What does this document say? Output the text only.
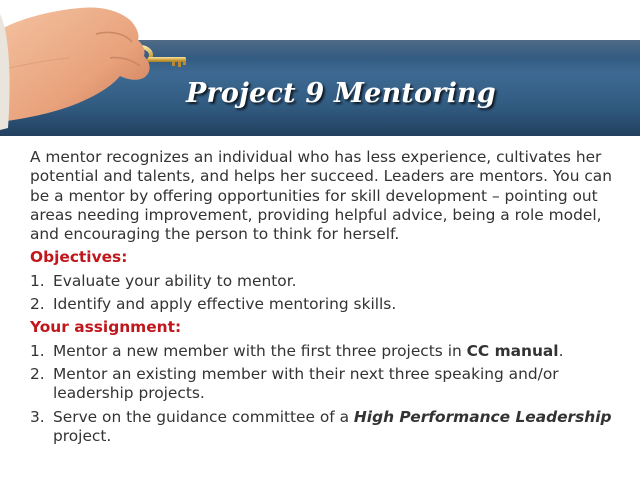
Project 9 Mentoring

A mentor recognizes an individual who has less experience, cultivates her potential and talents, and helps her succeed. Leaders are mentors. You can be a mentor by offering opportunities for skill development – pointing out areas needing improvement, providing helpful advice, being a role model, and encouraging the person to think for herself.

Objectives:

1. Evaluate your ability to mentor.
2. Identify and apply effective mentoring skills.

Your assignment:

1. Mentor a new member with the first three projects in CC manual.
2. Mentor an existing member with their next three speaking and/or leadership projects.
3. Serve on the guidance committee of a High Performance Leadership project.
